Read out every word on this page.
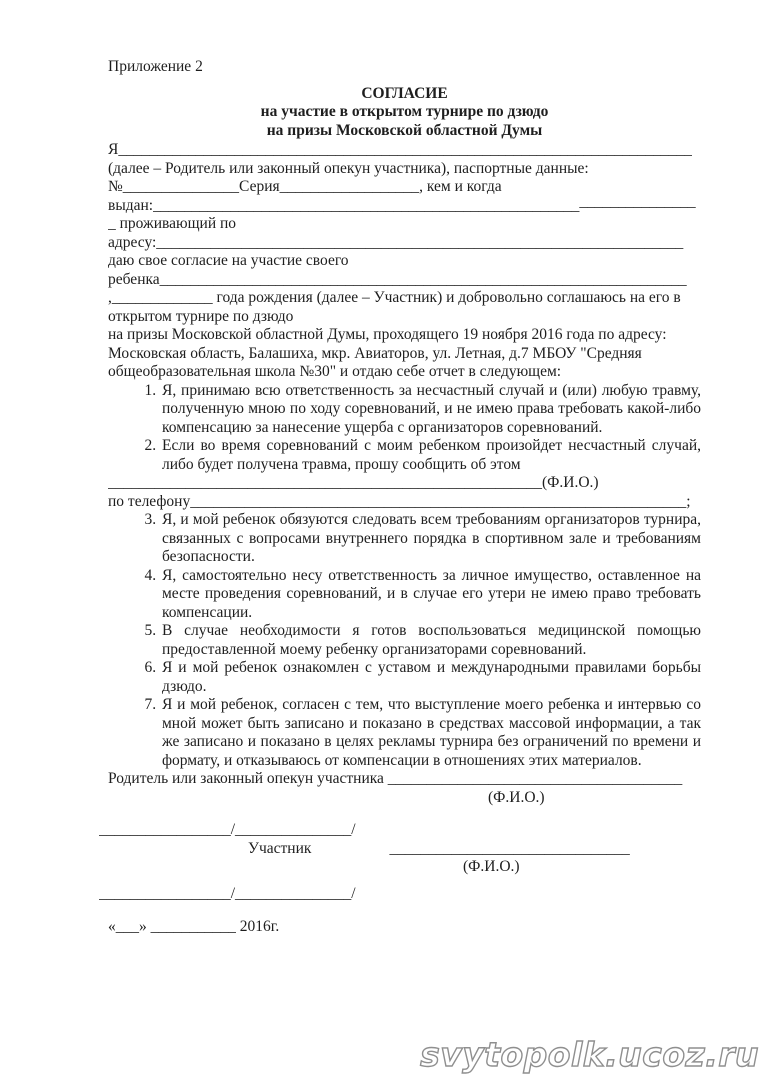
Приложение 2
СОГЛАСИЕ
на участие в открытом турнире по дзюдо
на призы Московской областной Думы
Я__________________________________________________________________________
(далее – Родитель или законный опекун участника), паспортные данные:
№_______________Серия__________________, кем и когда
выдан:______________________________________________________________________
_ проживающий по
адресу:____________________________________________________________________
даю свое согласие на участие своего
ребенка____________________________________________________________________
,_____________ года рождения (далее – Участник) и добровольно соглашаюсь на его в
открытом турнире по дзюдо
на призы Московской областной Думы, проходящего 19 ноября 2016 года по адресу:
Московская область, Балашиха, мкр. Авиаторов, ул. Летная, д.7 МБОУ "Средняя
общеобразовательная школа №30" и отдаю себе отчет в следующем:
1. Я, принимаю всю ответственность за несчастный случай и (или) любую травму, полученную мною по ходу соревнований, и не имею права требовать какой-либо компенсацию за нанесение ущерба с организаторов соревнований.
2. Если во время соревнований с моим ребенком произойдет несчастный случай, либо будет получена травма, прошу сообщить об этом
________________________________________________________(Ф.И.О.)
по телефону________________________________________________________________;
3. Я, и мой ребенок обязуются следовать всем требованиям организаторов турнира, связанных с вопросами внутреннего порядка в спортивном зале и требованиям безопасности.
4. Я, самостоятельно несу ответственность за личное имущество, оставленное на месте проведения соревнований, и в случае его утери не имею право требовать компенсации.
5. В случае необходимости я готов воспользоваться медицинской помощью предоставленной моему ребенку организаторами соревнований.
6. Я и мой ребенок ознакомлен с уставом и международными правилами борьбы дзюдо.
7. Я и мой ребенок, согласен с тем, что выступление моего ребенка и интервью со мной может быть записано и показано в средствах массовой информации, а так же записано и показано в целях рекламы турнира без ограничений по времени и формату, и отказываюсь от компенсации в отношениях этих материалов.
Родитель или законный опекун участника ______________________________________
(Ф.И.О.)
_________________/_______________/
Участник	_______________________________
(Ф.И.О.)
_________________/_______________/
«___» ___________ 2016г.
svytopolk.ucoz.ru
